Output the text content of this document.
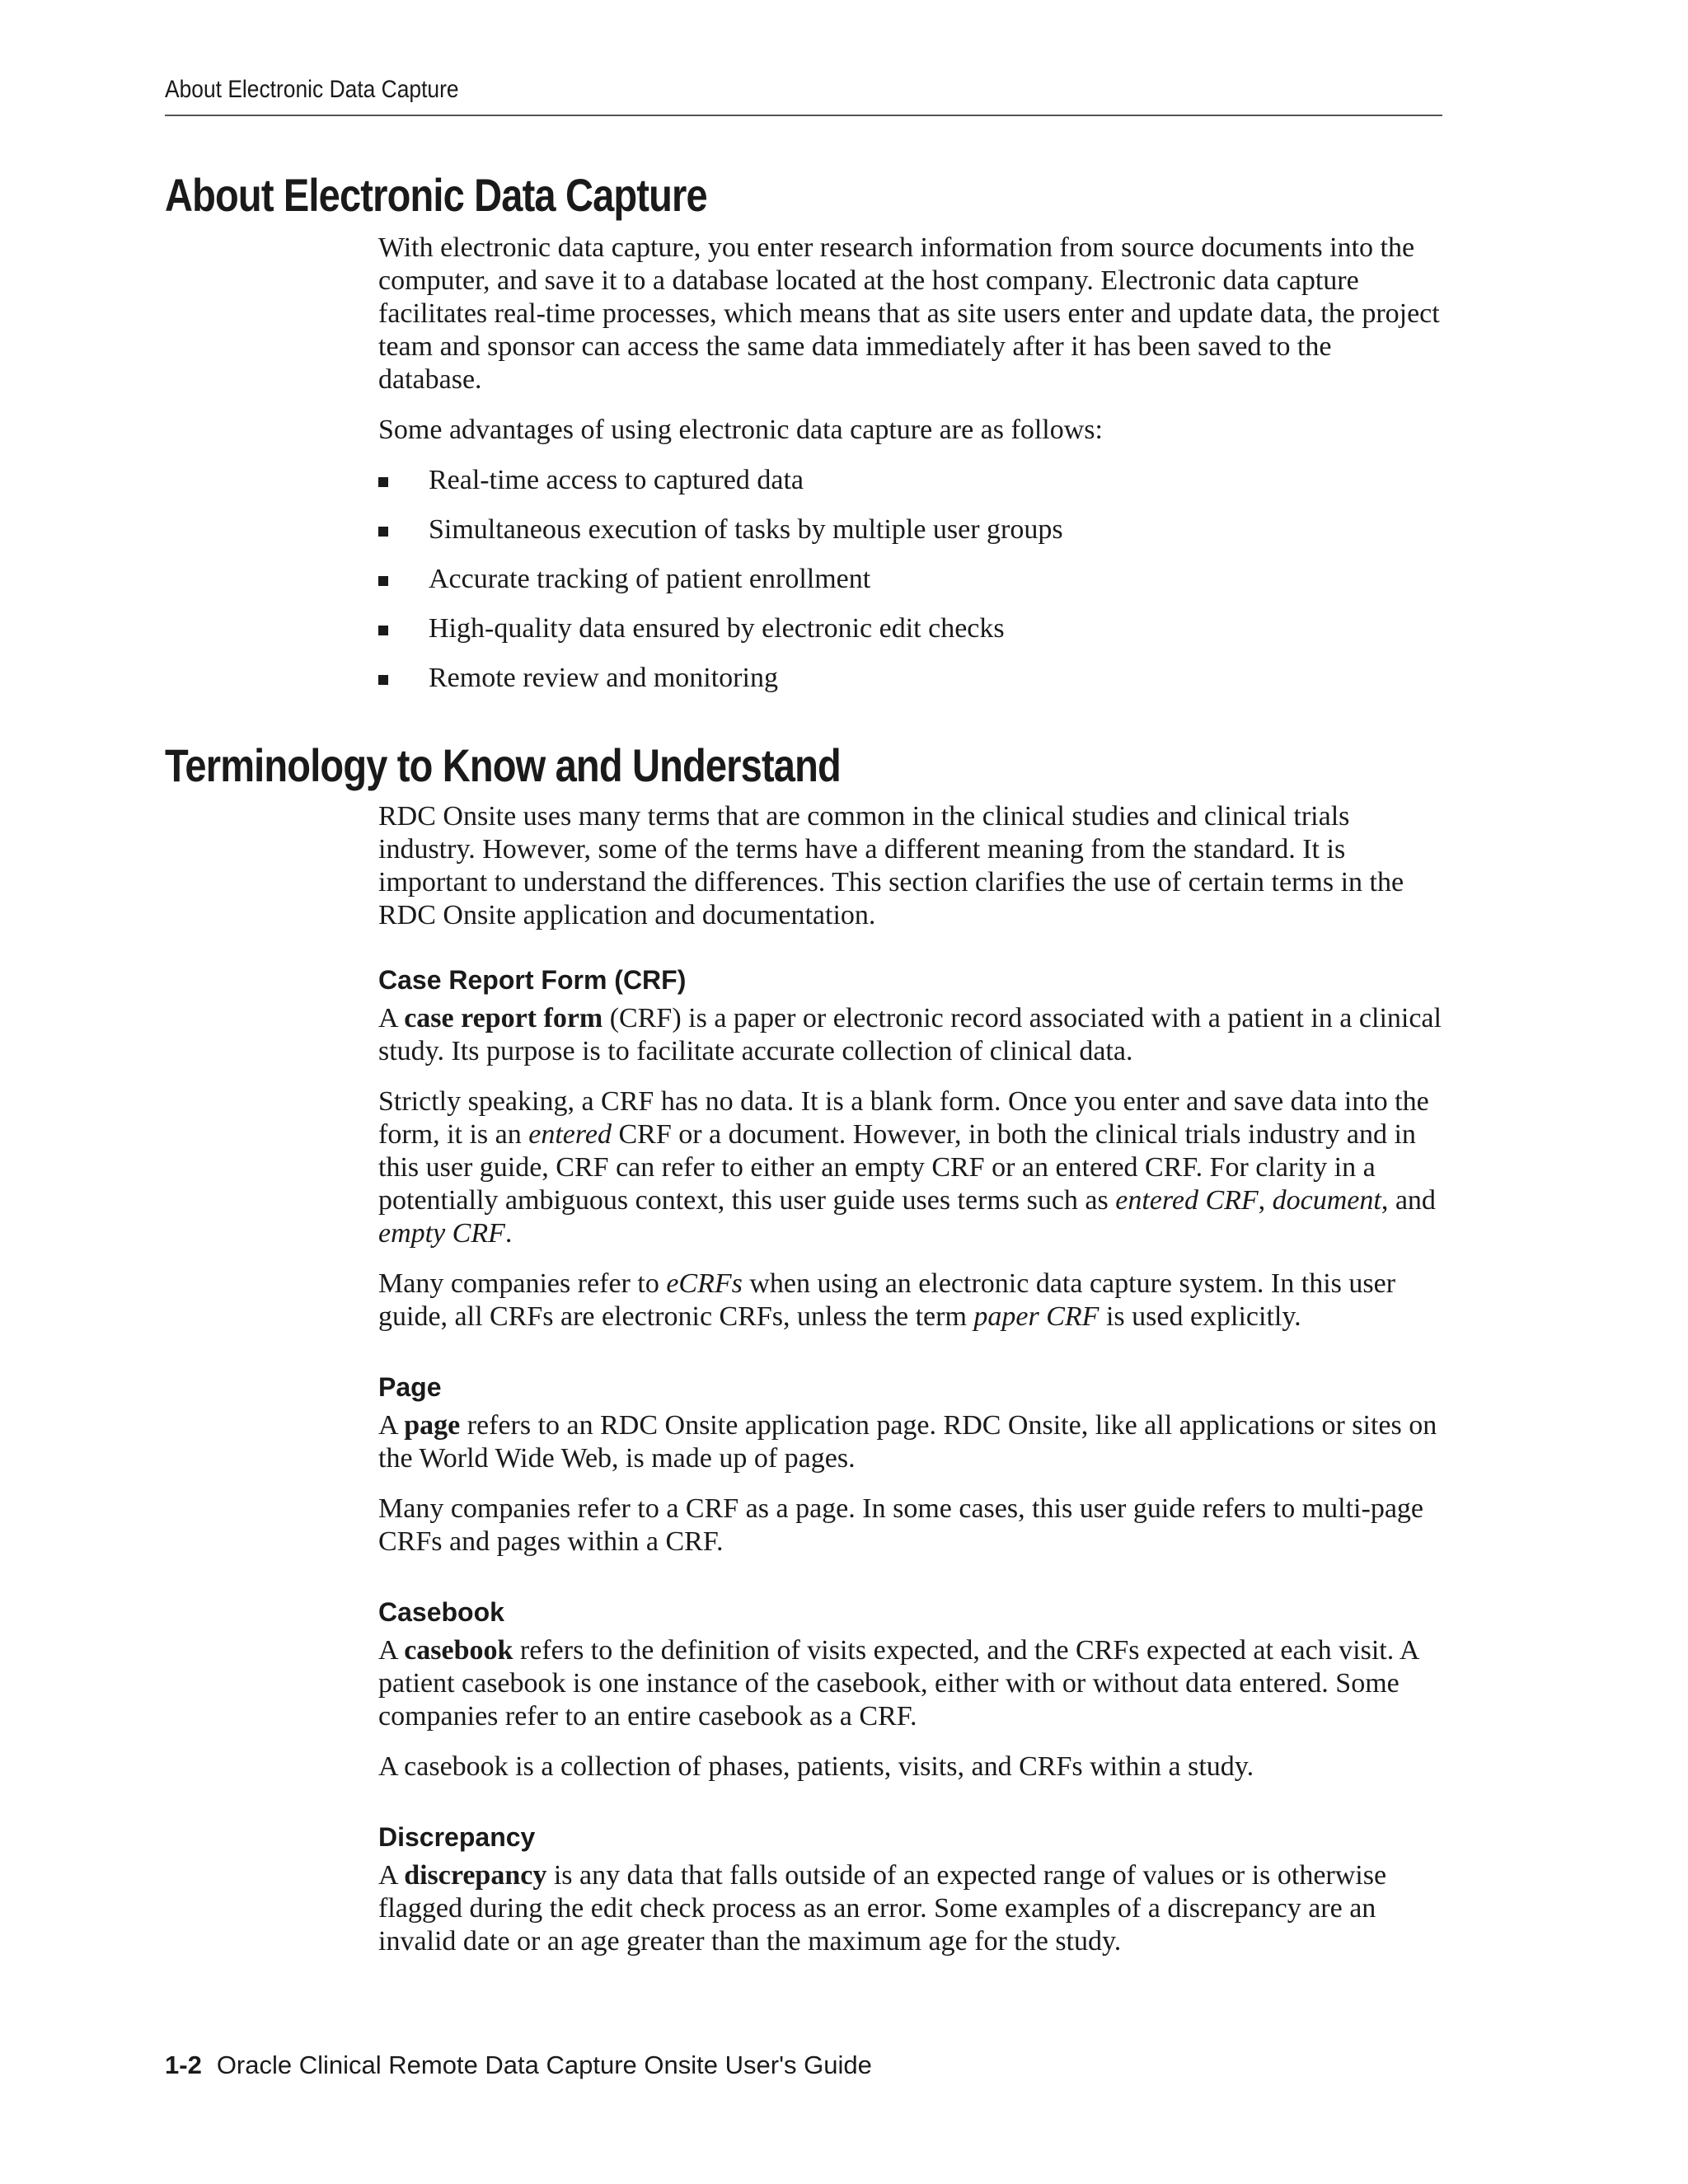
About Electronic Data Capture
About Electronic Data Capture

With electronic data capture, you enter research information from source documents into the computer, and save it to a database located at the host company. Electronic data capture facilitates real-time processes, which means that as site users enter and update data, the project team and sponsor can access the same data immediately after it has been saved to the database.

Some advantages of using electronic data capture are as follows:

Real-time access to captured data
Simultaneous execution of tasks by multiple user groups
Accurate tracking of patient enrollment
High-quality data ensured by electronic edit checks
Remote review and monitoring
Terminology to Know and Understand

RDC Onsite uses many terms that are common in the clinical studies and clinical trials industry. However, some of the terms have a different meaning from the standard. It is important to understand the differences. This section clarifies the use of certain terms in the RDC Onsite application and documentation.

Case Report Form (CRF)

A case report form (CRF) is a paper or electronic record associated with a patient in a clinical study. Its purpose is to facilitate accurate collection of clinical data.

Strictly speaking, a CRF has no data. It is a blank form. Once you enter and save data into the form, it is an entered CRF or a document. However, in both the clinical trials industry and in this user guide, CRF can refer to either an empty CRF or an entered CRF. For clarity in a potentially ambiguous context, this user guide uses terms such as entered CRF, document, and empty CRF.

Many companies refer to eCRFs when using an electronic data capture system. In this user guide, all CRFs are electronic CRFs, unless the term paper CRF is used explicitly.

Page

A page refers to an RDC Onsite application page. RDC Onsite, like all applications or sites on the World Wide Web, is made up of pages.

Many companies refer to a CRF as a page. In some cases, this user guide refers to multi-page CRFs and pages within a CRF.

Casebook

A casebook refers to the definition of visits expected, and the CRFs expected at each visit. A patient casebook is one instance of the casebook, either with or without data entered. Some companies refer to an entire casebook as a CRF.

A casebook is a collection of phases, patients, visits, and CRFs within a study.

Discrepancy

A discrepancy is any data that falls outside of an expected range of values or is otherwise flagged during the edit check process as an error. Some examples of a discrepancy are an invalid date or an age greater than the maximum age for the study.

1-2 Oracle Clinical Remote Data Capture Onsite User's Guide
